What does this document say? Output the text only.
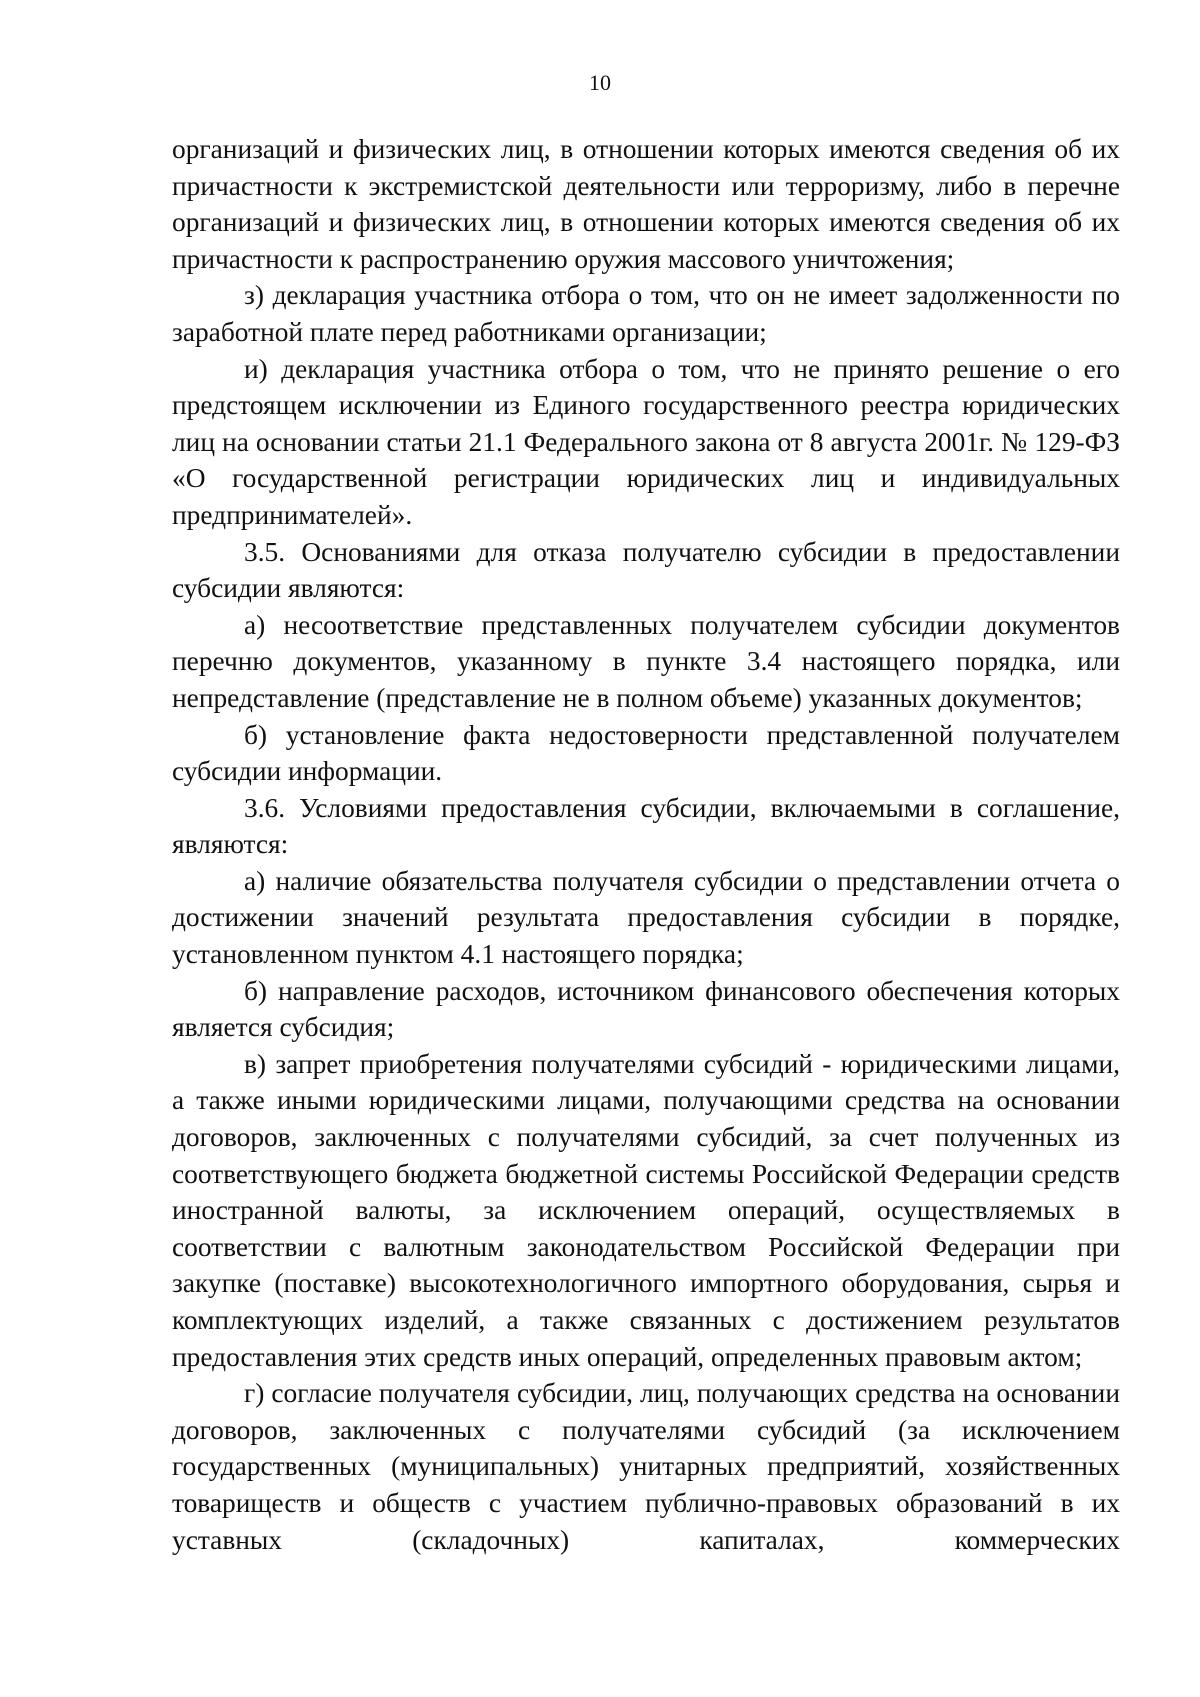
10

организаций и физических лиц, в отношении которых имеются сведения об их причастности к экстремистской деятельности или терроризму, либо в перечне организаций и физических лиц, в отношении которых имеются сведения об их причастности к распространению оружия массового уничтожения;

з) декларация участника отбора о том, что он не имеет задолженности по заработной плате перед работниками организации;

и) декларация участника отбора о том, что не принято решение о его предстоящем исключении из Единого государственного реестра юридических лиц на основании статьи 21.1 Федерального закона от 8 августа 2001г. № 129-ФЗ «О государственной регистрации юридических лиц и индивидуальных предпринимателей».

3.5. Основаниями для отказа получателю субсидии в предоставлении субсидии являются:

а) несоответствие представленных получателем субсидии документов перечню документов, указанному в пункте 3.4 настоящего порядка, или непредставление (представление не в полном объеме) указанных документов;

б) установление факта недостоверности представленной получателем субсидии информации.

3.6. Условиями предоставления субсидии, включаемыми в соглашение, являются:

а) наличие обязательства получателя субсидии о представлении отчета о достижении значений результата предоставления субсидии в порядке, установленном пунктом 4.1 настоящего порядка;

б) направление расходов, источником финансового обеспечения которых является субсидия;

в) запрет приобретения получателями субсидий - юридическими лицами, а также иными юридическими лицами, получающими средства на основании договоров, заключенных с получателями субсидий, за счет полученных из соответствующего бюджета бюджетной системы Российской Федерации средств иностранной валюты, за исключением операций, осуществляемых в соответствии с валютным законодательством Российской Федерации при закупке (поставке) высокотехнологичного импортного оборудования, сырья и комплектующих изделий, а также связанных с достижением результатов предоставления этих средств иных операций, определенных правовым актом;

г) согласие получателя субсидии, лиц, получающих средства на основании договоров, заключенных с получателями субсидий (за исключением государственных (муниципальных) унитарных предприятий, хозяйственных товариществ и обществ с участием публично-правовых образований в их уставных (складочных) капиталах, коммерческих
